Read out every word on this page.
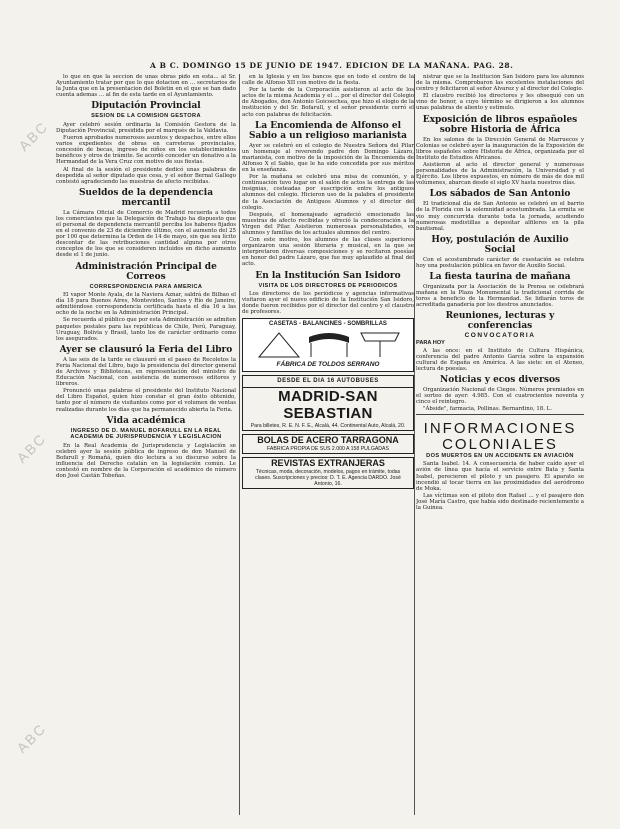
ABC
ABC
ABC
A B C. DOMINGO 15 DE JUNIO DE 1947. EDICION DE LA MAÑANA. PAG. 28.

lo que en que la seccion de unas obras pido en esta... al Sr. Ayuntamiento tratar por que lo que dotacion en ... secretarios de la Junta que en la presentacion del Boletin en el que se han dado cuenta ademas ... al fin de esta tarde en el Ayuntamiento.

Diputación Provincial
SESION DE LA COMISION GESTORA

Ayer celebró sesión ordinaria la Comisión Gestora de la Diputación Provincial, presidida por el marqués de la Valdavia.

Fueron aprobados numerosos asuntos y despachos, entre ellos varios expedientes de obras en carreteras provinciales, concesión de becas, ingreso de niños en los establecimientos benéficos y otros de trámite. Se acordó conceder un donativo a la Hermandad de la Vera Cruz con motivo de sus fiestas.

Al final de la sesión el presidente dedicó unas palabras de despedida al señor diputado que cesa, y el señor Bernal Gallego contestó agradeciendo las muestras de afecto recibidas.

Sueldos de la dependencia mercantil

La Cámara Oficial de Comercio de Madrid recuerda a todos los comerciantes que la Delegación de Trabajo ha dispuesto que el personal de dependencia mercantil perciba los haberes fijados en el convenio de 23 de diciembre último, con el aumento del 25 por 100 que determina la Orden de 14 de mayo, sin que sea lícito descontar de las retribuciones cantidad alguna por otros conceptos de los que se consideren incluidos en dicho aumento desde el 1 de junio.

Administración Principal de Correos
CORRESPONDENCIA PARA AMERICA

El vapor Monte Ayala, de la Naviera Aznar, saldrá de Bilbao el día 18 para Buenos Aires, Montevideo, Santos y Río de Janeiro, admitiéndose correspondencia certificada hasta el día 16 a las ocho de la noche en la Administración Principal.

Se recuerda al público que por esta Administración se admiten paquetes postales para las repúblicas de Chile, Perú, Paraguay, Uruguay, Bolivia y Brasil, tanto los de carácter ordinario como los asegurados.

Ayer se clausuró la Feria del Libro

A las seis de la tarde se clausuró en el paseo de Recoletos la Feria Nacional del Libro, bajo la presidencia del director general de Archivos y Bibliotecas, en representación del ministro de Educación Nacional, con asistencia de numerosos editores y libreros.

Pronunció unas palabras el presidente del Instituto Nacional del Libro Español, quien hizo constar el gran éxito obtenido, tanto por el número de visitantes como por el volumen de ventas realizadas durante los días que ha permanecido abierta la Feria.

Vida académica
INGRESO DE D. MANUEL BOFARULL EN LA REAL ACADEMIA DE JURISPRUDENCIA Y LEGISLACION

En la Real Academia de Jurisprudencia y Legislación se celebró ayer la sesión pública de ingreso de don Manuel de Bofarull y Romañá, quien dio lectura a su discurso sobre la influencia del Derecho catalán en la legislación común. Le contestó en nombre de la Corporación el académico de número don José Castán Tobeñas.

en la Iglesia y en los bancos que en todo el centro de la calle de Alfonso XII con motivo de la fiesta.

Por la tarde de la Corporación asistieron al acto de los actos de la misma Academia y el ... por el director del Colegio de Abogados, don Antonio Goicoechea, que hizo el elogio de la institución y del Sr. Bofarull, y el señor presidente cerró el acto con palabras de felicitación.

La Encomienda de Alfonso el Sabio a un religioso marianista

Ayer se celebró en el colegio de Nuestra Señora del Pilar un homenaje al reverendo padre don Domingo Lázaro, marianista, con motivo de la imposición de la Encomienda de Alfonso X el Sabio, que le ha sido concedida por sus méritos en la enseñanza.

Por la mañana se celebró una misa de comunión, y a continuación tuvo lugar en el salón de actos la entrega de las insignias, costeadas por suscripción entre los antiguos alumnos del colegio. Hicieron uso de la palabra el presidente de la Asociación de Antiguos Alumnos y el director del colegio.

Después, el homenajeado agradeció emocionado las muestras de afecto recibidas y ofreció la condecoración a la Virgen del Pilar. Asistieron numerosas personalidades, ex alumnos y familias de los actuales alumnos del centro.

Con este motivo, los alumnos de las clases superiores organizaron una sesión literaria y musical, en la que se interpretaron diversas composiciones y se recitaron poesías en honor del padre Lázaro, que fue muy aplaudido al final del acto.

En la Institución San Isidoro
VISITA DE LOS DIRECTORES DE PERIODICOS

Los directores de los periódicos y agencias informativas visitaron ayer el nuevo edificio de la Institución San Isidoro, donde fueron recibidos por el director del centro y el claustro de profesores.

CASETAS - BALANCINES - SOMBRILLAS
FÁBRICA DE TOLDOS SERRANO
DESDE EL DIA 16 AUTOBUSES
MADRID-SAN SEBASTIAN
Para billetes, R. E. N. F. E., Alcalá, 44. Continental Auto, Alcalá, 20.
BOLAS DE ACERO TARRAGONA
FABRICA PROPIA DE SUS 2.000 A 158 PULGADAS
REVISTAS EXTRANJERAS
Técnicas, moda, decoración, modelos, pagos en trámite, todas clases. Suscripciones y precios: D. T. E. Agencia DARDO. José Antonio, 16.

nistrar que se la Institución San Isidoro para los alumnos de la misma. Comprobaron las excelentes instalaciones del centro y felicitaron al señor Alvarez y al director del Colegio.

El claustro recibió los directores y les obsequió con un vino de honor, a cuyo término se dirigieron a los alumnos unas palabras de aliento y estímulo.

Exposición de libros españoles sobre Historia de África

En los salones de la Dirección General de Marruecos y Colonias se celebró ayer la inauguración de la Exposición de libros españoles sobre Historia de África, organizada por el Instituto de Estudios Africanos.

Asistieron al acto el director general y numerosas personalidades de la Administración, la Universidad y el Ejército. Los libros expuestos, en número de más de dos mil volúmenes, abarcan desde el siglo XV hasta nuestros días.

Los sábados de San Antonio

El tradicional día de San Antonio se celebró en el barrio de la Florida con la solemnidad acostumbrada. La ermita se vio muy concurrida durante toda la jornada, acudiendo numerosas modistillas a depositar alfileres en la pila bautismal.

Hoy, postulación de Auxilio Social

Con el acostumbrado carácter de cuestación se celebra hoy una postulación pública en favor de Auxilio Social.

La fiesta taurina de mañana

Organizada por la Asociación de la Prensa se celebrará mañana en la Plaza Monumental la tradicional corrida de toros a beneficio de la Hermandad. Se lidiarán toros de acreditada ganadería por los diestros anunciados.

Reuniones, lecturas y conferencias
CONVOCATORIA
PARA HOY

A las once: en el Instituto de Cultura Hispánica, conferencia del padre Antonio García sobre la expansión cultural de España en América. A las siete: en el Ateneo, lectura de poesías.

Noticias y ecos diversos

Organización Nacional de Ciegos. Números premiados en el sorteo de ayer: 4.985. Con el cuatrocientos noventa y cinco el reintegro.

"Ábside", farmacia, Pollinas. Bernardino, 18. L.

INFORMACIONES COLONIALES
DOS MUERTOS EN UN ACCIDENTE EN AVIACIÓN

Santa Isabel. 14. A consecuencia de haber caído ayer el avión de línea que hacía el servicio entre Bata y Santa Isabel, perecieron el piloto y un pasajero. El aparato se incendió al tocar tierra en las proximidades del aeródromo de Moka.

Las víctimas son el piloto don Rafael ... y el pasajero don José María Castro, que había sido destinado recientemente a la Guinea.
